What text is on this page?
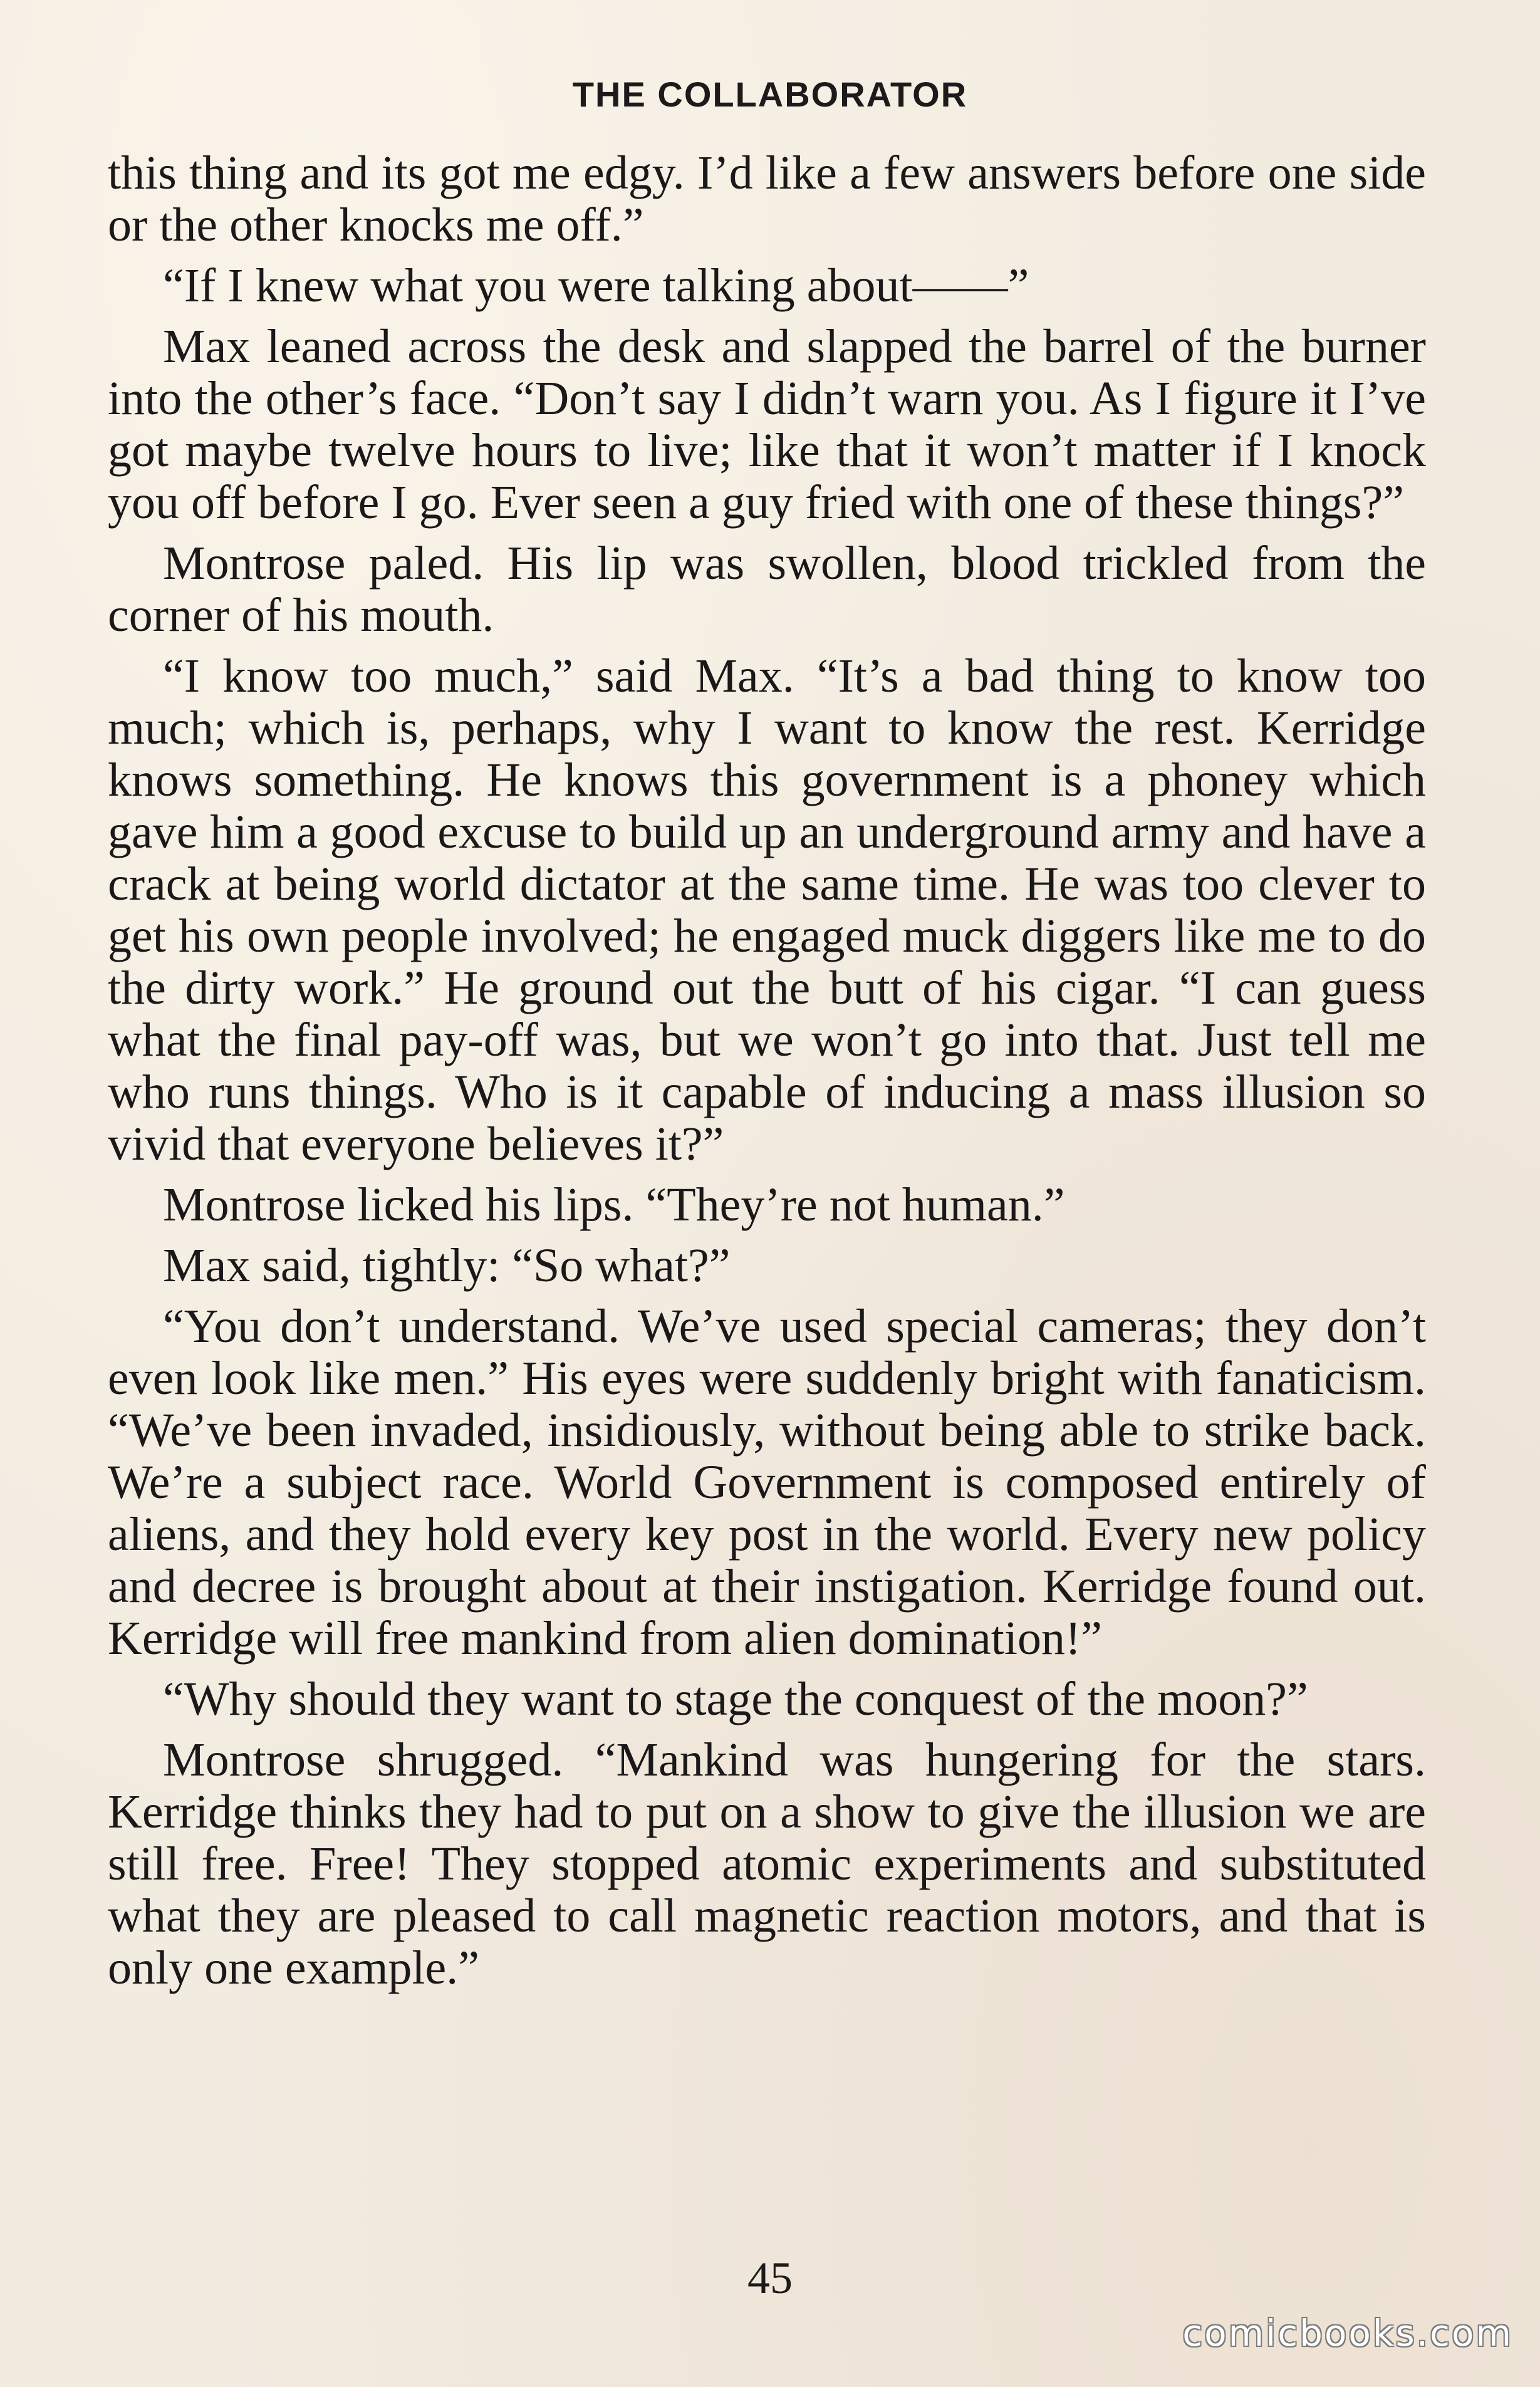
THE COLLABORATOR

this thing and its got me edgy. I’d like a few answers before one side or the other knocks me off.”

“If I knew what you were talking about——”

Max leaned across the desk and slapped the barrel of the burner into the other’s face. “Don’t say I didn’t warn you. As I figure it I’ve got maybe twelve hours to live; like that it won’t matter if I knock you off before I go. Ever seen a guy fried with one of these things?”

Montrose paled. His lip was swollen, blood trickled from the corner of his mouth.

“I know too much,” said Max. “It’s a bad thing to know too much; which is, perhaps, why I want to know the rest. Kerridge knows something. He knows this government is a phoney which gave him a good excuse to build up an underground army and have a crack at being world dictator at the same time. He was too clever to get his own people involved; he engaged muck diggers like me to do the dirty work.” He ground out the butt of his cigar. “I can guess what the final pay-off was, but we won’t go into that. Just tell me who runs things. Who is it capable of inducing a mass illusion so vivid that everyone believes it?”

Montrose licked his lips. “They’re not human.”

Max said, tightly: “So what?”

“You don’t understand. We’ve used special cameras; they don’t even look like men.” His eyes were suddenly bright with fanaticism. “We’ve been invaded, insidiously, without being able to strike back. We’re a subject race. World Government is composed entirely of aliens, and they hold every key post in the world. Every new policy and decree is brought about at their instigation. Kerridge found out. Kerridge will free mankind from alien domination!”

“Why should they want to stage the conquest of the moon?”

Montrose shrugged. “Mankind was hungering for the stars. Kerridge thinks they had to put on a show to give the illusion we are still free. Free! They stopped atomic experiments and substituted what they are pleased to call magnetic reaction motors, and that is only one example.”

45
comicbooks.com
